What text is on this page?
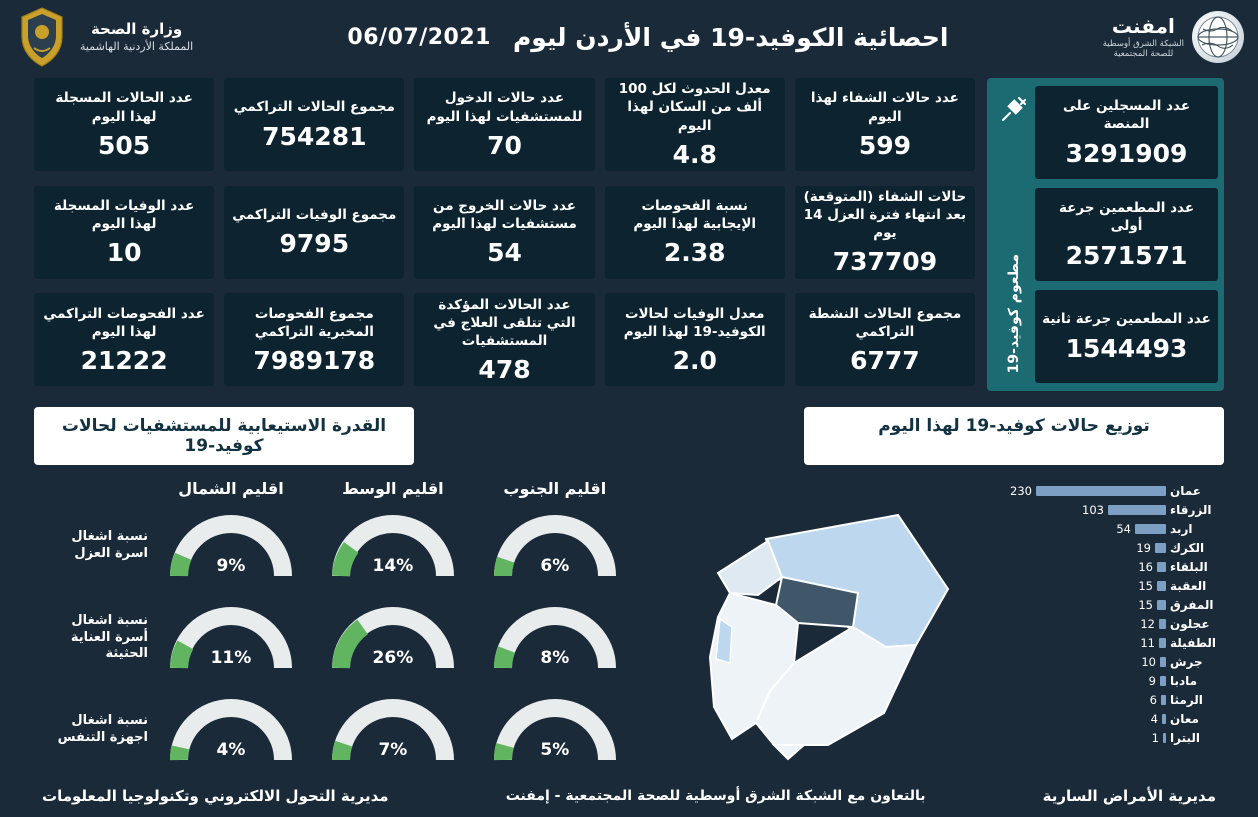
امفنت
الشبكة الشرق أوسطية
للصحة المجتمعية
احصائية الكوفيد-19 في الأردن ليوم
06/07/2021
وزارة الصحة
المملكة الأردنية الهاشمية
مطعوم كوفيد-19
عدد المسجلين على المنصة
3291909
عدد المطعمين جرعة أولى
2571571
عدد المطعمين جرعة ثانية
1544493
عدد حالات الشفاء لهذا اليوم
599
معدل الحدوث لكل 100 ألف من السكان لهذا اليوم
4.8
عدد حالات الدخول للمستشفيات لهذا اليوم
70
مجموع الحالات التراكمي
754281
عدد الحالات المسجلة لهذا اليوم
505
حالات الشفاء (المتوقعة) بعد انتهاء فترة العزل 14 يوم
737709
نسبة الفحوصات الإيجابية لهذا اليوم
2.38
عدد حالات الخروج من مستشفيات لهذا اليوم
54
مجموع الوفيات التراكمي
9795
عدد الوفيات المسجلة لهذا اليوم
10
مجموع الحالات النشطة التراكمي
6777
معدل الوفيات لحالات الكوفيد-19 لهذا اليوم
2.0
عدد الحالات المؤكدة التي تتلقى العلاج في المستشفيات
478
مجموع الفحوصات المخبرية التراكمي
7989178
عدد الفحوصات التراكمي لهذا اليوم
21222
توزيع حالات كوفيد-19 لهذا اليوم
القدرة الاستيعابية للمستشفيات لحالات كوفيد-19
عمان
230
الزرقاء
103
اربد
54
الكرك
19
البلقاء
16
العقبة
15
المفرق
15
عجلون
12
الطفيلة
11
جرش
10
مادبا
9
الرمثا
6
معان
4
البترا
1
اقليم الجنوب
اقليم الوسط
اقليم الشمال
6%
14%
9%
نسبة اشغال اسرة العزل
8%
26%
11%
نسبة اشغال أسرة العناية الحثيثة
5%
7%
4%
نسبة اشغال اجهزة التنفس
مديرية الأمراض السارية
بالتعاون مع الشبكة الشرق أوسطية للصحة المجتمعية - إمفنت
مديرية التحول الالكتروني وتكنولوجيا المعلومات
